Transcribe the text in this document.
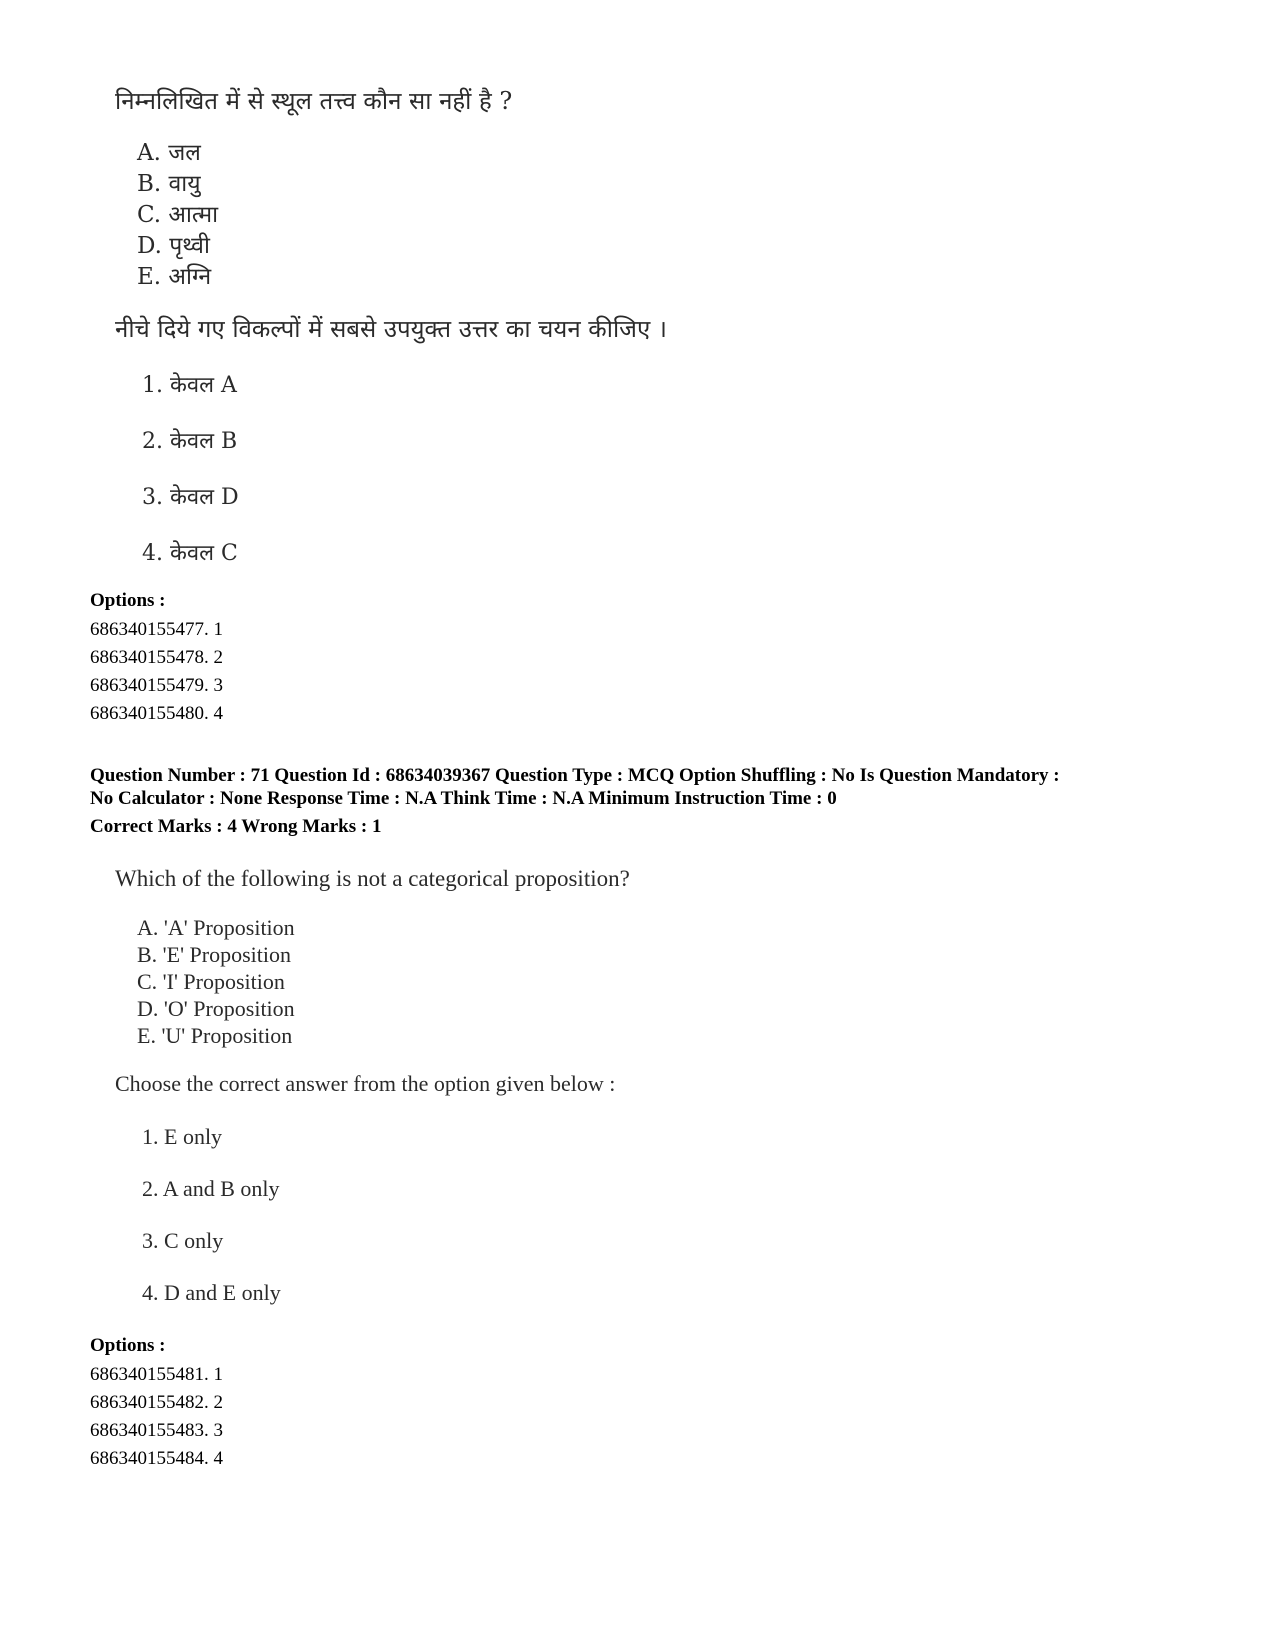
निम्नलिखित में से स्थूल तत्त्व कौन सा नहीं है ?
A. जल
B. वायु
C. आत्मा
D. पृथ्वी
E. अग्नि
नीचे दिये गए विकल्पों में सबसे उपयुक्त उत्तर का चयन कीजिए ।
1. केवल A
2. केवल B
3. केवल D
4. केवल C
Options :
686340155477. 1
686340155478. 2
686340155479. 3
686340155480. 4
Question Number : 71 Question Id : 68634039367 Question Type : MCQ Option Shuffling : No Is Question Mandatory :
No Calculator : None Response Time : N.A Think Time : N.A Minimum Instruction Time : 0
Correct Marks : 4 Wrong Marks : 1
Which of the following is not a categorical proposition?
A. 'A' Proposition
B. 'E' Proposition
C. 'I' Proposition
D. 'O' Proposition
E. 'U' Proposition
Choose the correct answer from the option given below :
1. E only
2. A and B only
3. C only
4. D and E only
Options :
686340155481. 1
686340155482. 2
686340155483. 3
686340155484. 4
